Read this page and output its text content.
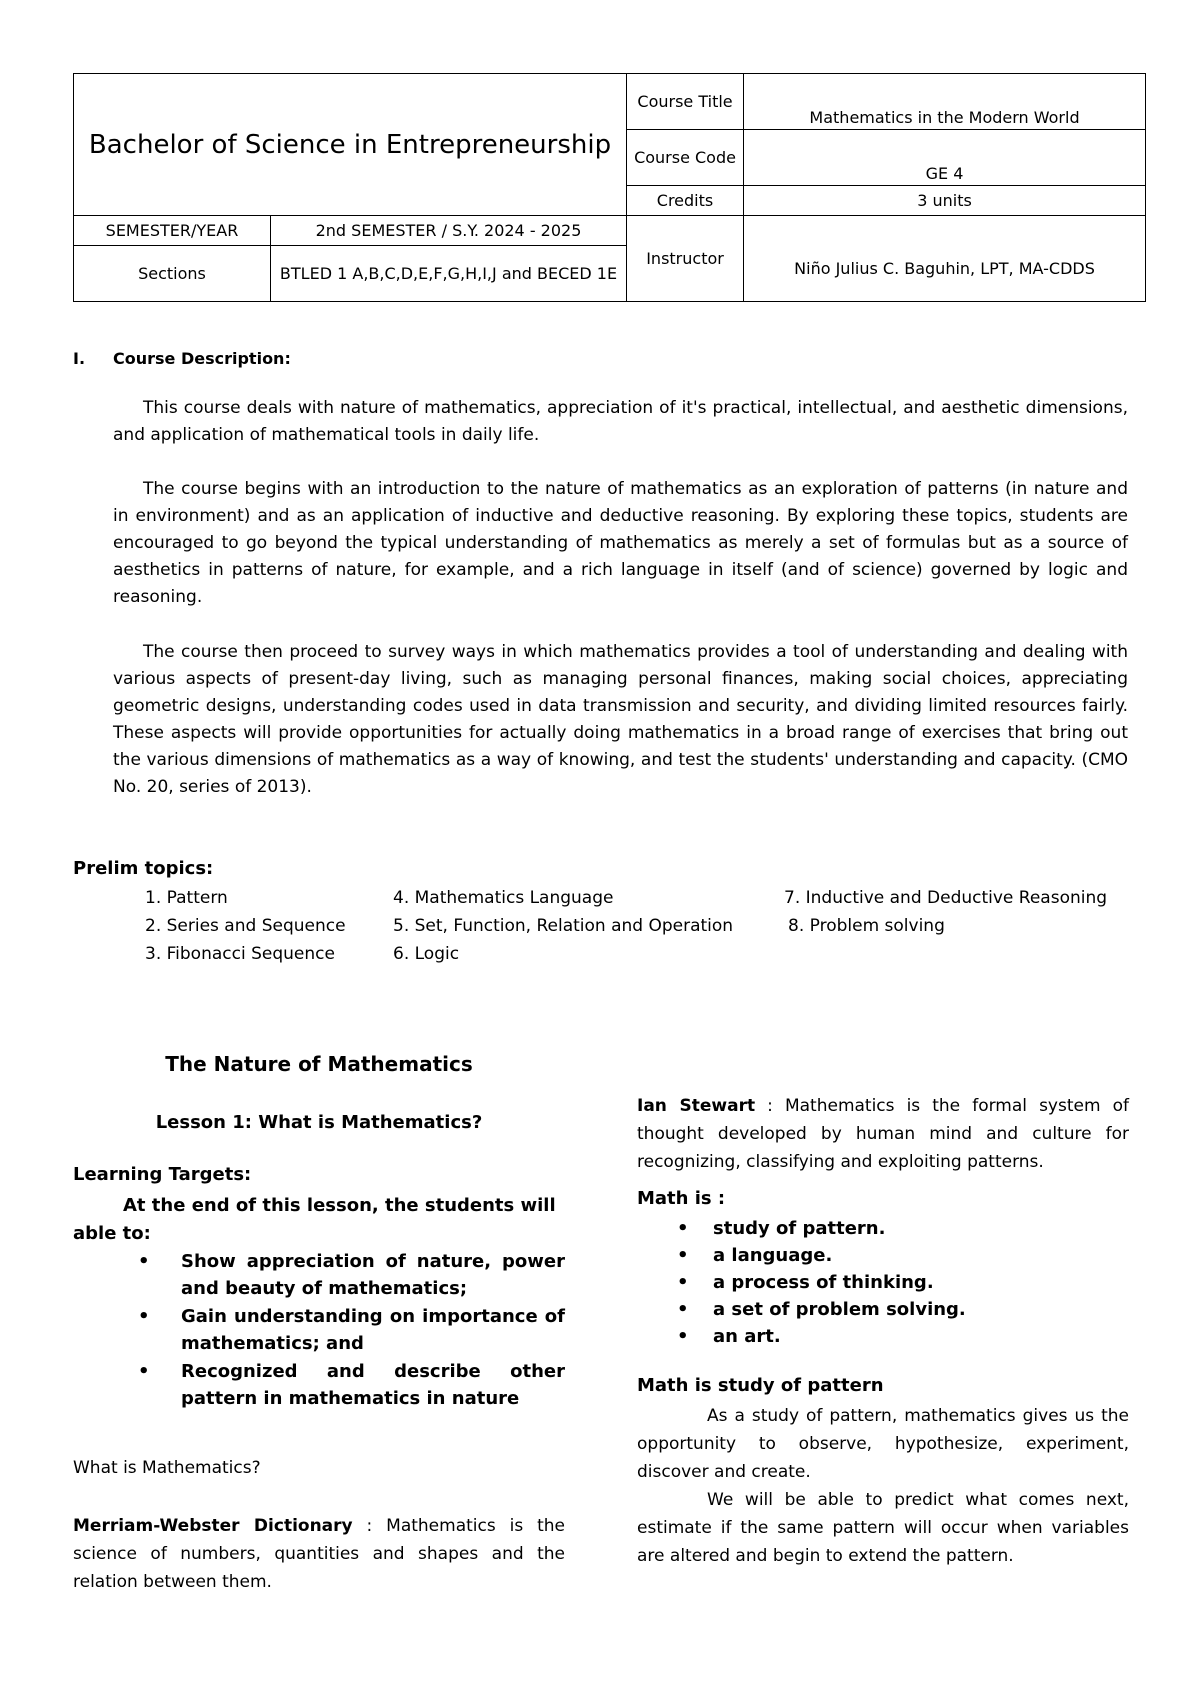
Bachelor of Science in Entrepreneurship		Course Title	Mathematics in the Modern World
		Course Code	GE 4
		Credits	3 units
SEMESTER/YEAR	2nd SEMESTER / S.Y. 2024 - 2025	Instructor	Niño Julius C. Baguhin, LPT, MA-CDDS
Sections	BTLED 1 A,B,C,D,E,F,G,H,I,J and BECED 1E		
I. Course Description:

This course deals with nature of mathematics, appreciation of it's practical, intellectual, and aesthetic dimensions, and application of mathematical tools in daily life.

The course begins with an introduction to the nature of mathematics as an exploration of patterns (in nature and in environment) and as an application of inductive and deductive reasoning. By exploring these topics, students are encouraged to go beyond the typical understanding of mathematics as merely a set of formulas but as a source of aesthetics in patterns of nature, for example, and a rich language in itself (and of science) governed by logic and reasoning.

The course then proceed to survey ways in which mathematics provides a tool of understanding and dealing with various aspects of present-day living, such as managing personal finances, making social choices, appreciating geometric designs, understanding codes used in data transmission and security, and dividing limited resources fairly. These aspects will provide opportunities for actually doing mathematics in a broad range of exercises that bring out the various dimensions of mathematics as a way of knowing, and test the students' understanding and capacity. (CMO No. 20, series of 2013).

Prelim topics:
1. Pattern
2. Series and Sequence
3. Fibonacci Sequence
4. Mathematics Language
5. Set, Function, Relation and Operation
6. Logic
7. Inductive and Deductive Reasoning
8. Problem solving
The Nature of Mathematics
Lesson 1: What is Mathematics?
Learning Targets:
At the end of this lesson, the students will able to:
• Show appreciation of nature, power and beauty of mathematics;
• Gain understanding on importance of mathematics; and
• Recognized and describe other pattern in mathematics in nature
What is Mathematics?

Merriam-Webster Dictionary : Mathematics is the science of numbers, quantities and shapes and the relation between them.

Ian Stewart : Mathematics is the formal system of thought developed by human mind and culture for recognizing, classifying and exploiting patterns.

Math is :
• study of pattern.
• a language.
• a process of thinking.
• a set of problem solving.
• an art.
Math is study of pattern

As a study of pattern, mathematics gives us the opportunity to observe, hypothesize, experiment, discover and create.

We will be able to predict what comes next, estimate if the same pattern will occur when variables are altered and begin to extend the pattern.
